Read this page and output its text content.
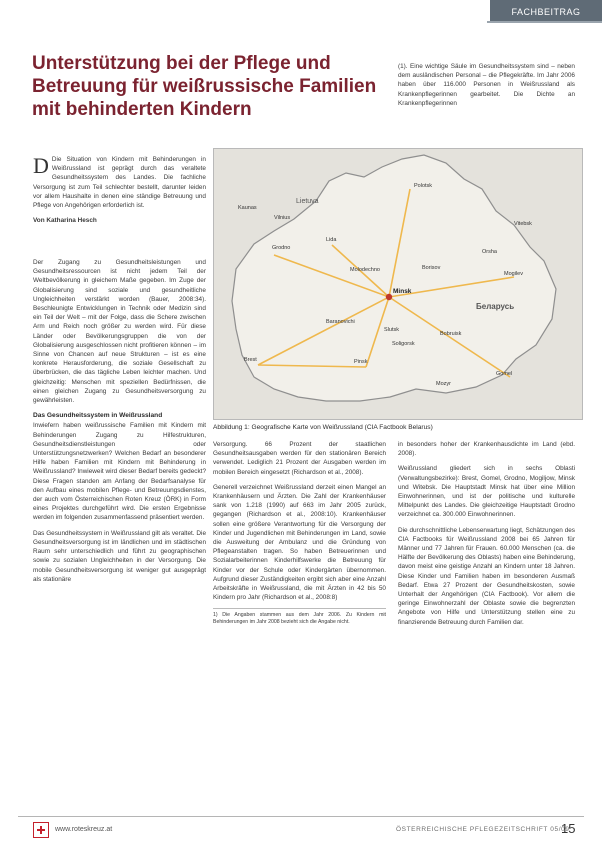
FACHBEITRAG
Unterstützung bei der Pflege und Betreuung für weißrussische Familien mit behinderten Kindern

(1). Eine wichtige Säule im Gesundheitssystem sind – neben dem ausländischen Personal – die Pflegekräfte. Im Jahr 2006 haben über 116.000 Personen in Weißrussland als Krankenpflegerinnen gearbeitet. Die Dichte an Krankenpflegerinnen

D Die Situation von Kindern mit Behinderungen in Weißrussland ist geprägt durch das veraltete Gesundheitssystem des Landes. Die fachliche Versorgung ist zum Teil schlechter bestellt, darunter leiden vor allem Haushalte in denen eine ständige Betreuung und Pflege von Angehörigen erforderlich ist.

Von Katharina Hesch

Der Zugang zu Gesundheitsleistungen und Gesundheitsressourcen ist nicht jedem Teil der Weltbevölkerung in gleichem Maße gegeben. Im Zuge der Globalisierung sind soziale und gesundheitliche Ungleichheiten verstärkt worden (Bauer, 2008:34). Beschleunigte Entwicklungen in Technik oder Medizin sind ein Teil der Welt – mit der Folge, dass die Schere zwischen Arm und Reich noch größer zu werden wird. Für diese Länder oder Bevölkerungsgruppen die von der Globalisierung ausgeschlossen nicht profitieren können – im Sinne von Chancen auf neue Strukturen – ist es eine konkrete Herausforderung, die soziale Gesellschaft zu überbrücken, die das tägliche Leben leichter machen. Und gleichzeitig: Menschen mit speziellen Bedürfnissen, die einen gleichen Zugang zu Gesundheitsversorgung zu gewährleisten.

Das Gesundheitssystem in Weißrussland

Inwiefern haben weißrussische Familien mit Kindern mit Behinderungen Zugang zu Hilfestrukturen, Gesundheitsdienstleistungen oder Unterstützungsnetzwerken? Welchen Bedarf an besonderer Hilfe haben Familien mit Kindern mit Behinderung in Weißrussland? Inwieweit wird dieser Bedarf bereits gedeckt? Diese Fragen standen am Anfang der Bedarfsanalyse für den Aufbau eines mobilen Pflege- und Betreuungsdienstes, der auch vom Österreichischen Roten Kreuz (ÖRK) in Form eines Projektes durchgeführt wird. Die ersten Ergebnisse werden im folgenden zusammenfassend präsentiert werden.

Das Gesundheitssystem in Weißrussland gilt als veraltet. Die Gesundheitsversorgung ist im ländlichen und im städtischen Raum sehr unterschiedlich und führt zu geographischen sowie zu sozialen Ungleichheiten in der Versorgung. Die mobile Gesundheitsversorgung ist weniger gut ausgeprägt als stationäre

Lietuva
Беларусь
Grodno
Lida
Minsk
Baranovichi
Brest	Pinsk
Bobruisk
Gomel
Mogilev
Vitebsk
Polotsk
Orsha
Mozyr
Borisov
Slutsk
Molodechno
Soligorsk
Kaunas
Vilnius
Abbildung 1: Geografische Karte von Weißrussland (CIA Factbook Belarus)

Versorgung. 66 Prozent der staatlichen Gesundheitsausgaben werden für den stationären Bereich verwendet. Lediglich 21 Prozent der Ausgaben werden im mobilen Bereich eingesetzt (Richardson et al., 2008).

Generell verzeichnet Weißrussland derzeit einen Mangel an Krankenhäusern und Ärzten. Die Zahl der Krankenhäuser sank von 1.218 (1990) auf 663 im Jahr 2005 zurück, gegangen (Richardson et al., 2008:10). Krankenhäuser sollen eine größere Verantwortung für die Versorgung der Kinder und Jugendlichen mit Behinderungen im Land, sowie die Ausweitung der Ambulanz und die Gründung von Pflegeanstalten tragen. So haben Betreuerinnen und Sozialarbeiterinnen Kinderhilfswerke die Betreuung für Kinder vor der Schule oder Kindergärten übernommen. Aufgrund dieser Zuständigkeiten ergibt sich aber eine Anzahl Arbeitskräfte in Weißrussland, die mit Ärzten in 42 bis 50 Kindern pro Jahr (Richardson et al., 2008:8)

1) Die Angaben stammen aus dem Jahr 2006. Zu Kindern mit Behinderungen im Jahr 2008 bezieht sich die Angabe nicht.

in besonders hoher der Krankenhausdichte im Land (ebd. 2008).

Weißrussland gliedert sich in sechs Oblasti (Verwaltungsbezirke): Brest, Gomel, Grodno, Mogiljow, Minsk und Witebsk. Die Hauptstadt Minsk hat über eine Million Einwohnerinnen, und ist der politische und kulturelle Mittelpunkt des Landes. Die gleichzeitige Hauptstadt Grodno verzeichnet ca. 300.000 Einwohnerinnen.

Die durchschnittliche Lebenserwartung liegt, Schätzungen des CIA Factbooks für Weißrussland 2008 bei 65 Jahren für Männer und 77 Jahren für Frauen. 60.000 Menschen (ca. die Hälfte der Bevölkerung des Oblasts) haben eine Behinderung, davon meist eine geistige Anzahl an Kindern unter 18 Jahren. Diese Kinder und Familien haben im besonderen Ausmaß Bedarf. Etwa 27 Prozent der Gesundheitskosten, sowie Unterhalt der Angehörigen (CIA Factbook). Vor allem die geringe Einwohnerzahl der Oblaste sowie die begrenzten Angebote von Hilfe und Unterstützung stellen eine zu finanzierende Betreuung durch Familien dar.

www.roteskreuz.at	ÖSTERREICHISCHE PFLEGEZEITSCHRIFT 05/09
15
